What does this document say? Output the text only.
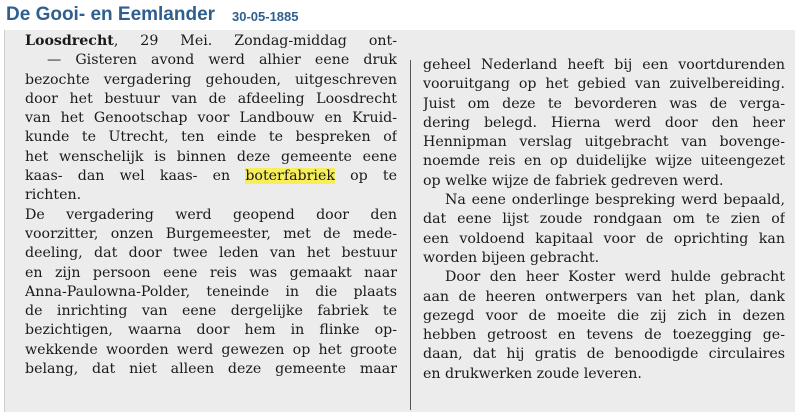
De Gooi- en Eemlander 30-05-1885
Loosdrecht, 29 Mei. Zondag-middag ont-
— Gisteren avond werd alhier eene druk
bezochte vergadering gehouden, uitgeschreven
door het bestuur van de afdeeling Loosdrecht
van het Genootschap voor Landbouw en Kruid-
kunde te Utrecht, ten einde te bespreken of
het wenschelijk is binnen deze gemeente eene
kaas- dan wel kaas- en boterfabriek op te
richten.
De vergadering werd geopend door den
voorzitter, onzen Burgemeester, met de mede-
deeling, dat door twee leden van het bestuur
en zijn persoon eene reis was gemaakt naar
Anna-Paulowna-Polder, teneinde in die plaats
de inrichting van eene dergelijke fabriek te
bezichtigen, waarna door hem in flinke op-
wekkende woorden werd gewezen op het groote
belang, dat niet alleen deze gemeente maar
geheel Nederland heeft bij een voortdurenden
vooruitgang op het gebied van zuivelbereiding.
Juist om deze te bevorderen was de verga-
dering belegd. Hierna werd door den heer
Hennipman verslag uitgebracht van bovenge-
noemde reis en op duidelijke wijze uiteengezet
op welke wijze de fabriek gedreven werd.
Na eene onderlinge bespreking werd bepaald,
dat eene lijst zoude rondgaan om te zien of
een voldoend kapitaal voor de oprichting kan
worden bijeen gebracht.
Door den heer Koster werd hulde gebracht
aan de heeren ontwerpers van het plan, dank
gezegd voor de moeite die zij zich in dezen
hebben getroost en tevens de toezegging ge-
daan, dat hij gratis de benoodigde circulaires
en drukwerken zoude leveren.
